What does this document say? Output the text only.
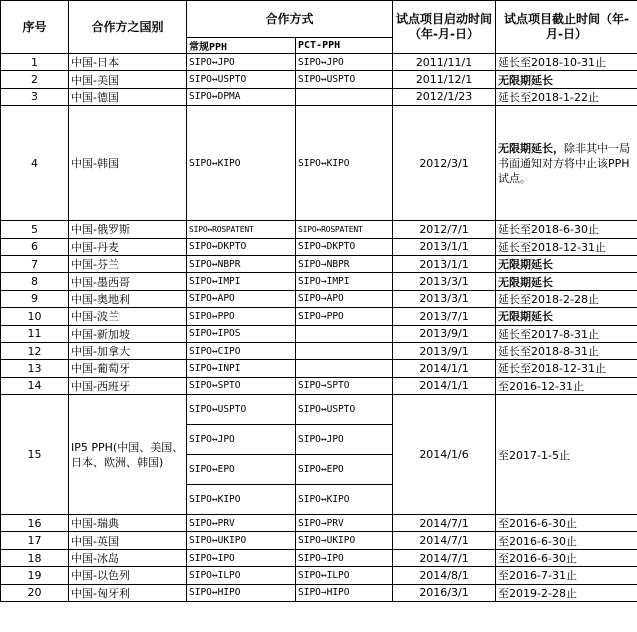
序号	合作方之国别	合作方式		试点项目启动时间（年-月-日）	试点项目截止时间（年-月-日）
		常规PPH	PCT-PPH		
1	中国-日本	SIPO↔JPO	SIPO↔JPO	2011/11/1	延长至2018-10-31止
2	中国-美国	SIPO↔USPTO	SIPO↔USPTO	2011/12/1	无限期延长
3	中国-德国	SIPO↔DPMA		2012/1/23	延长至2018-1-22止
4	中国-韩国	SIPO↔KIPO	SIPO↔KIPO	2012/3/1	无限期延长，除非其中一局书面通知对方将中止该PPH试点。
5	中国-俄罗斯	SIPO↔ROSPATENT	SIPO↔ROSPATENT	2012/7/1	延长至2018-6-30止
6	中国-丹麦	SIPO↔DKPTO	SIPO→DKPTO	2013/1/1	延长至2018-12-31止
7	中国-芬兰	SIPO↔NBPR	SIPO→NBPR	2013/1/1	无限期延长
8	中国-墨西哥	SIPO↔IMPI	SIPO→IMPI	2013/3/1	无限期延长
9	中国-奥地利	SIPO↔APO	SIPO→APO	2013/3/1	延长至2018-2-28止
10	中国-波兰	SIPO↔PPO	SIPO→PPO	2013/7/1	无限期延长
11	中国-新加坡	SIPO↔IPOS		2013/9/1	延长至2017-8-31止
12	中国-加拿大	SIPO↔CIPO		2013/9/1	延长至2018-8-31止
13	中国-葡萄牙	SIPO↔INPI		2014/1/1	延长至2018-12-31止
14	中国-西班牙	SIPO↔SPTO	SIPO→SPTO	2014/1/1	至2016-12-31止
15	IP5 PPH(中国、美国、日本、欧洲、韩国)	SIPO↔USPTO	SIPO↔USPTO	2014/1/6	至2017-1-5止
		SIPO↔JPO	SIPO↔JPO		
		SIPO↔EPO	SIPO↔EPO		
		SIPO↔KIPO	SIPO↔KIPO		
16	中国-瑞典	SIPO↔PRV	SIPO→PRV	2014/7/1	至2016-6-30止
17	中国-英国	SIPO↔UKIPO	SIPO→UKIPO	2014/7/1	至2016-6-30止
18	中国-冰岛	SIPO↔IPO	SIPO→IPO	2014/7/1	至2016-6-30止
19	中国-以色列	SIPO↔ILPO	SIPO↔ILPO	2014/8/1	至2016-7-31止
20	中国-匈牙利	SIPO↔HIPO	SIPO→HIPO	2016/3/1	至2019-2-28止
